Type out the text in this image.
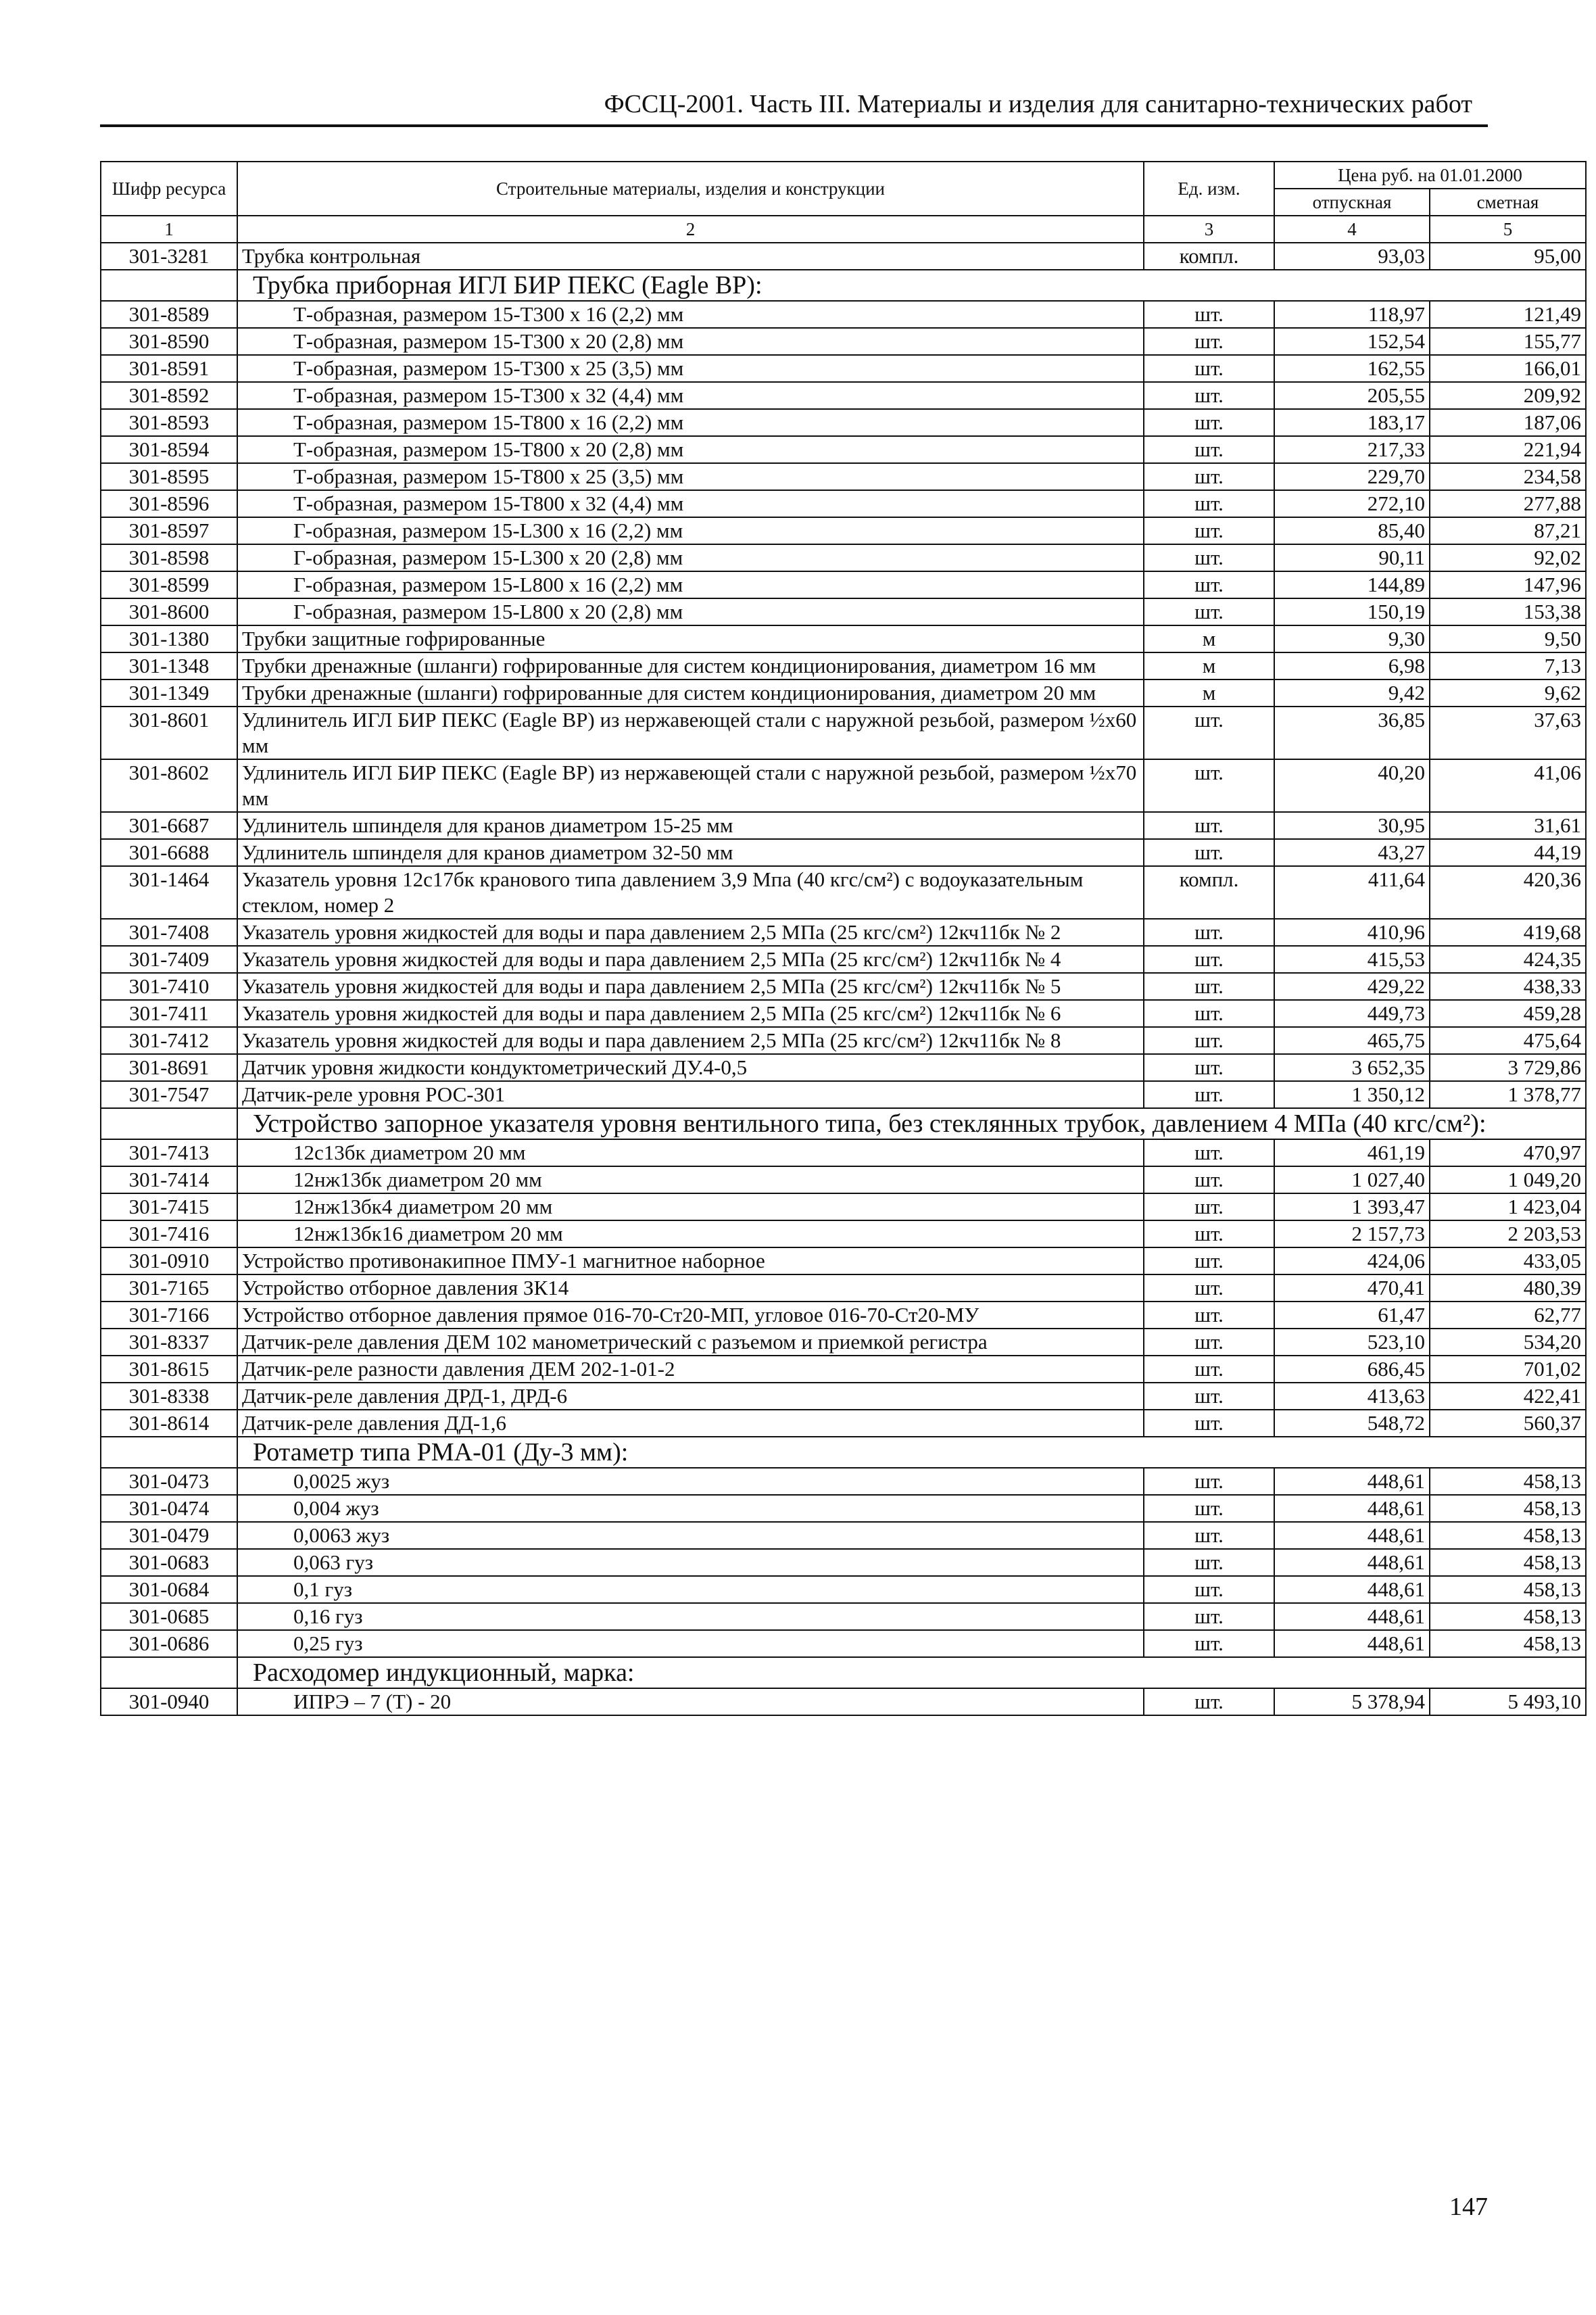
ФССЦ-2001. Часть III. Материалы и изделия для санитарно-технических работ
Шифр ресурса	Строительные материалы, изделия и конструкции	Ед. изм.	Цена руб. на 01.01.2000	
			отпускная	сметная
1	2	3	4	5
301-3281	Трубка контрольная	компл.	93,03	95,00
	Трубка приборная ИГЛ БИР ПЕКС (Eagle BP):			
301-8589	Т-образная, размером 15-Т300 x 16 (2,2) мм	шт.	118,97	121,49
301-8590	Т-образная, размером 15-Т300 x 20 (2,8) мм	шт.	152,54	155,77
301-8591	Т-образная, размером 15-Т300 x 25 (3,5) мм	шт.	162,55	166,01
301-8592	Т-образная, размером 15-Т300 x 32 (4,4) мм	шт.	205,55	209,92
301-8593	Т-образная, размером 15-Т800 x 16 (2,2) мм	шт.	183,17	187,06
301-8594	Т-образная, размером 15-Т800 x 20 (2,8) мм	шт.	217,33	221,94
301-8595	Т-образная, размером 15-Т800 x 25 (3,5) мм	шт.	229,70	234,58
301-8596	Т-образная, размером 15-Т800 x 32 (4,4) мм	шт.	272,10	277,88
301-8597	Г-образная, размером 15-L300 x 16 (2,2) мм	шт.	85,40	87,21
301-8598	Г-образная, размером 15-L300 x 20 (2,8) мм	шт.	90,11	92,02
301-8599	Г-образная, размером 15-L800 x 16 (2,2) мм	шт.	144,89	147,96
301-8600	Г-образная, размером 15-L800 x 20 (2,8) мм	шт.	150,19	153,38
301-1380	Трубки защитные гофрированные	м	9,30	9,50
301-1348	Трубки дренажные (шланги) гофрированные для систем кондиционирования, диаметром 16 мм	м	6,98	7,13
301-1349	Трубки дренажные (шланги) гофрированные для систем кондиционирования, диаметром 20 мм	м	9,42	9,62
301-8601	Удлинитель ИГЛ БИР ПЕКС (Eagle BP) из нержавеющей стали с наружной резьбой, размером ½x60 мм	шт.	36,85	37,63
301-8602	Удлинитель ИГЛ БИР ПЕКС (Eagle BP) из нержавеющей стали с наружной резьбой, размером ½x70 мм	шт.	40,20	41,06
301-6687	Удлинитель шпинделя для кранов диаметром 15-25 мм	шт.	30,95	31,61
301-6688	Удлинитель шпинделя для кранов диаметром 32-50 мм	шт.	43,27	44,19
301-1464	Указатель уровня 12с17бк кранового типа давлением 3,9 Мпа (40 кгс/см²) с водоуказательным стеклом, номер 2	компл.	411,64	420,36
301-7408	Указатель уровня жидкостей для воды и пара давлением 2,5 МПа (25 кгс/см²) 12кч11бк № 2	шт.	410,96	419,68
301-7409	Указатель уровня жидкостей для воды и пара давлением 2,5 МПа (25 кгс/см²) 12кч11бк № 4	шт.	415,53	424,35
301-7410	Указатель уровня жидкостей для воды и пара давлением 2,5 МПа (25 кгс/см²) 12кч11бк № 5	шт.	429,22	438,33
301-7411	Указатель уровня жидкостей для воды и пара давлением 2,5 МПа (25 кгс/см²) 12кч11бк № 6	шт.	449,73	459,28
301-7412	Указатель уровня жидкостей для воды и пара давлением 2,5 МПа (25 кгс/см²) 12кч11бк № 8	шт.	465,75	475,64
301-8691	Датчик уровня жидкости кондуктометрический ДУ.4-0,5	шт.	3 652,35	3 729,86
301-7547	Датчик-реле уровня РОС-301	шт.	1 350,12	1 378,77
	Устройство запорное указателя уровня вентильного типа, без стеклянных трубок, давлением 4 МПа (40 кгс/см²):			
301-7413	12с13бк диаметром 20 мм	шт.	461,19	470,97
301-7414	12нж13бк диаметром 20 мм	шт.	1 027,40	1 049,20
301-7415	12нж13бк4 диаметром 20 мм	шт.	1 393,47	1 423,04
301-7416	12нж13бк16 диаметром 20 мм	шт.	2 157,73	2 203,53
301-0910	Устройство противонакипное ПМУ-1 магнитное наборное	шт.	424,06	433,05
301-7165	Устройство отборное давления ЗК14	шт.	470,41	480,39
301-7166	Устройство отборное давления прямое 016-70-Ст20-МП, угловое 016-70-Ст20-МУ	шт.	61,47	62,77
301-8337	Датчик-реле давления ДЕМ 102 манометрический с разъемом и приемкой регистра	шт.	523,10	534,20
301-8615	Датчик-реле разности давления ДЕМ 202-1-01-2	шт.	686,45	701,02
301-8338	Датчик-реле давления ДРД-1, ДРД-6	шт.	413,63	422,41
301-8614	Датчик-реле давления ДД-1,6	шт.	548,72	560,37
	Ротаметр типа РМА-01 (Ду-3 мм):			
301-0473	0,0025 жуз	шт.	448,61	458,13
301-0474	0,004 жуз	шт.	448,61	458,13
301-0479	0,0063 жуз	шт.	448,61	458,13
301-0683	0,063 гуз	шт.	448,61	458,13
301-0684	0,1 гуз	шт.	448,61	458,13
301-0685	0,16 гуз	шт.	448,61	458,13
301-0686	0,25 гуз	шт.	448,61	458,13
	Расходомер индукционный, марка:			
301-0940	ИПРЭ – 7 (Т) - 20	шт.	5 378,94	5 493,10
147
